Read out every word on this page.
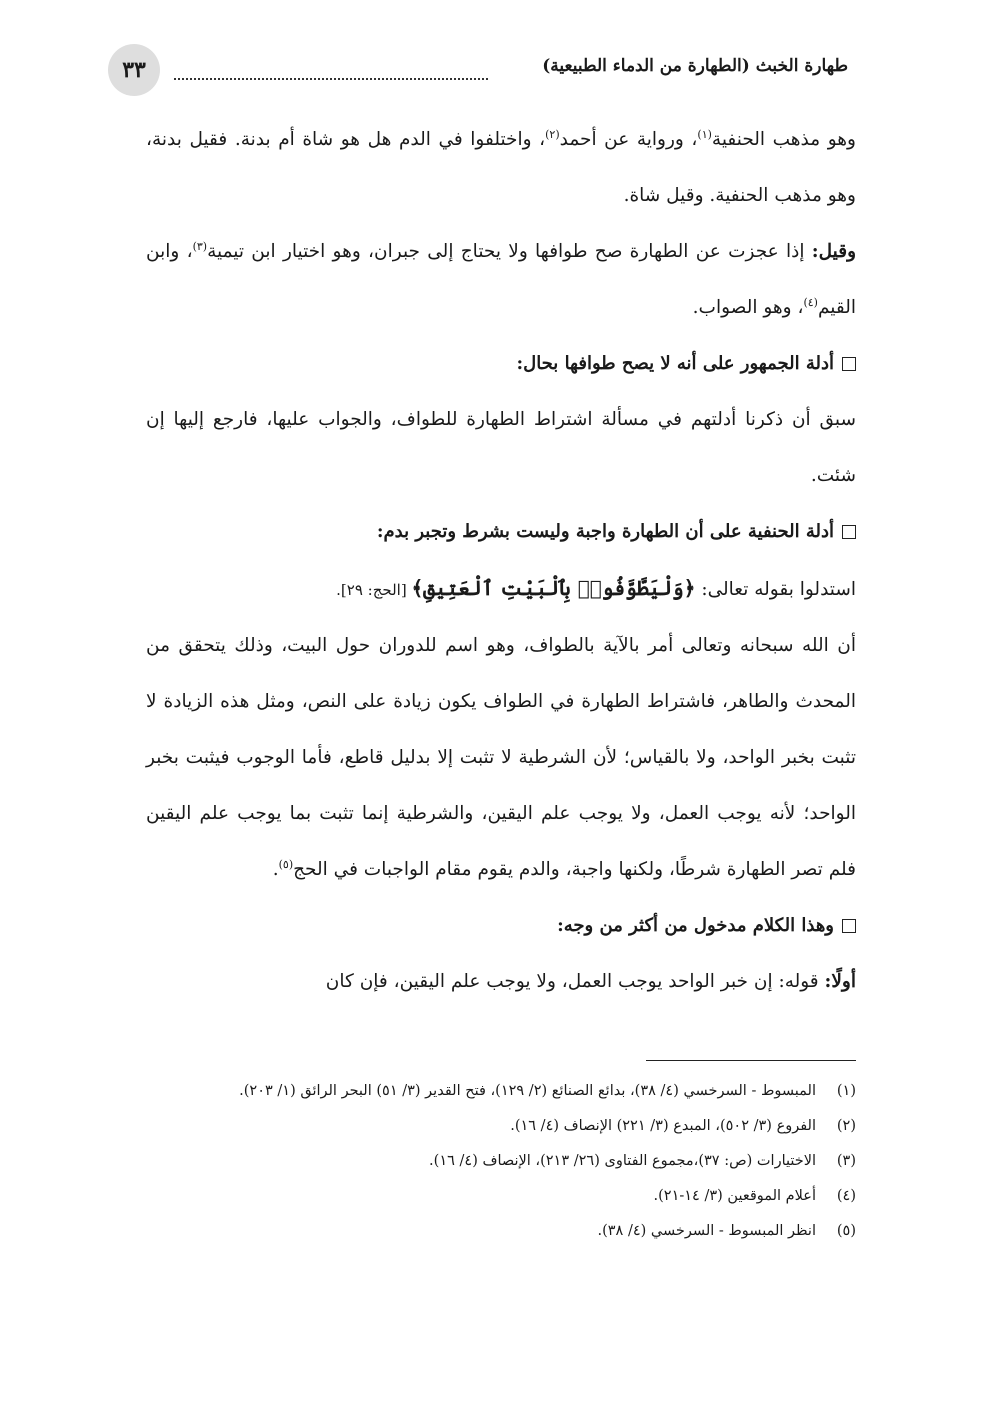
٣٣	طهارة الخبث (الطهارة من الدماء الطبيعية)

وهو مذهب الحنفية$^{(١)}$، ورواية عن أحمد$^{(٢)}$، واختلفوا في الدم هل هو شاة أم بدنة. فقيل بدنة، وهو مذهب الحنفية. وقيل شاة.

وقيل: إذا عجزت عن الطهارة صح طوافها ولا يحتاج إلى جبران، وهو اختيار ابن تيمية$^{(٣)}$، وابن القيم$^{(٤)}$، وهو الصواب.

أدلة الجمهور على أنه لا يصح طوافها بحال:

سبق أن ذكرنا أدلتهم في مسألة اشتراط الطهارة للطواف، والجواب عليها، فارجع إليها إن شئت.

أدلة الحنفية على أن الطهارة واجبة وليست بشرط وتجبر بدم:

استدلوا بقوله تعالى: ﴿وَلْيَطَّوَّفُوا۟ بِٱلْبَيْتِ ٱلْعَتِيقِ﴾ [الحج: ٢٩].

أن الله سبحانه وتعالى أمر بالآية بالطواف، وهو اسم للدوران حول البيت، وذلك يتحقق من المحدث والطاهر، فاشتراط الطهارة في الطواف يكون زيادة على النص، ومثل هذه الزيادة لا تثبت بخبر الواحد، ولا بالقياس؛ لأن الشرطية لا تثبت إلا بدليل قاطع، فأما الوجوب فيثبت بخبر الواحد؛ لأنه يوجب العمل، ولا يوجب علم اليقين، والشرطية إنما تثبت بما يوجب علم اليقين فلم تصر الطهارة شرطًا، ولكنها واجبة، والدم يقوم مقام الواجبات في الحج$^{(٥)}$.

وهذا الكلام مدخول من أكثر من وجه:

أولًا: قوله: إن خبر الواحد يوجب العمل، ولا يوجب علم اليقين، فإن كان

(١)
المبسوط - السرخسي (٤/ ٣٨)، بدائع الصنائع (٢/ ١٢٩)، فتح القدير (٣/ ٥١) البحر الرائق (١/ ٢٠٣).
(٢)
الفروع (٣/ ٥٠٢)، المبدع (٣/ ٢٢١) الإنصاف (٤/ ١٦).
(٣)
الاختيارات (ص: ٣٧)،مجموع الفتاوى (٢٦/ ٢١٣)، الإنصاف (٤/ ١٦).
(٤)
أعلام الموقعين (٣/ ١٤-٢١).
(٥)
انظر المبسوط - السرخسي (٤/ ٣٨).
